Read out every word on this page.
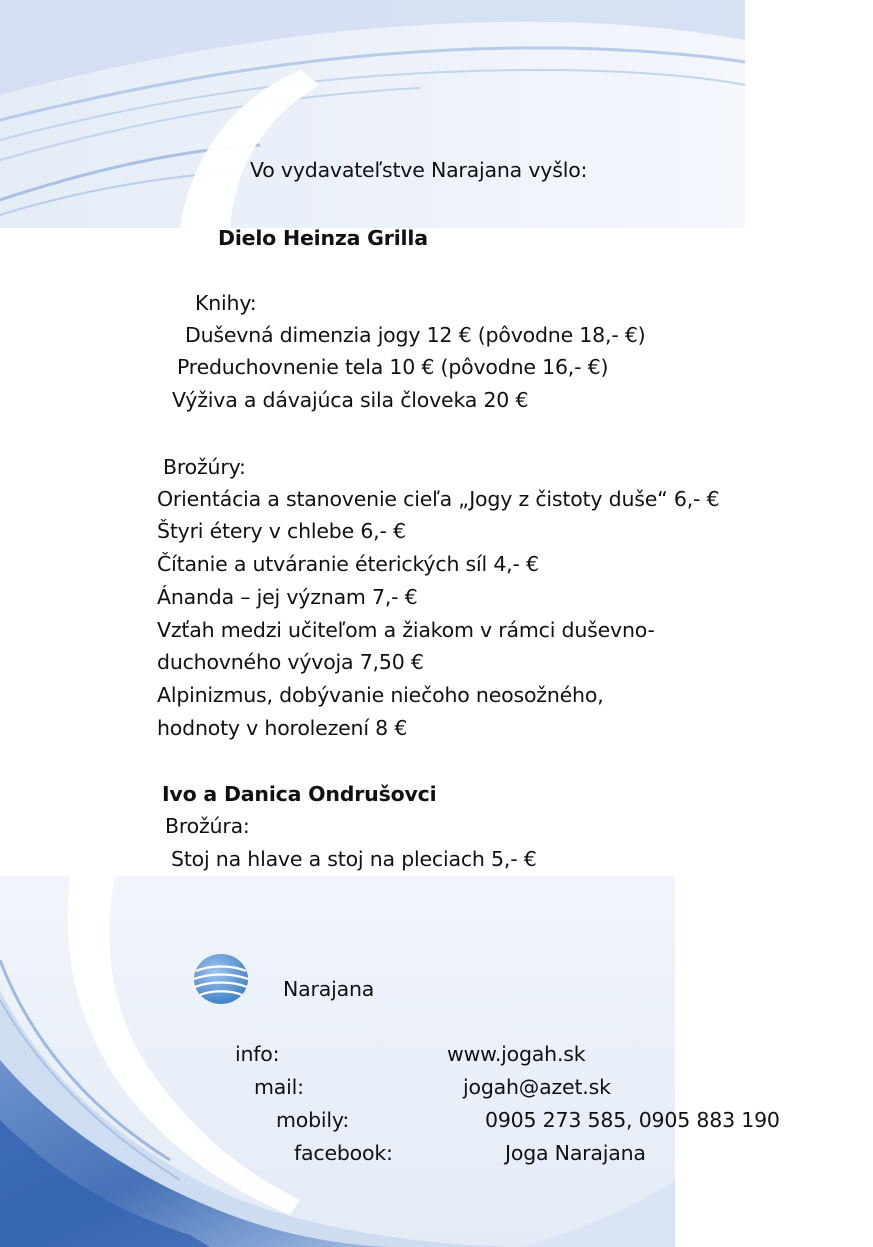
Vo vydavateľstve Narajana vyšlo:
Dielo Heinza Grilla
Knihy:
Duševná dimenzia jogy 12 € (pôvodne 18,- €)
Preduchovnenie tela 10 € (pôvodne 16,- €)
Výživa a dávajúca sila človeka 20 €
Brožúry:
Orientácia a stanovenie cieľa „Jogy z čistoty duše“ 6,- €
Štyri étery v chlebe 6,- €
Čítanie a utváranie éterických síl 4,- €
Ánanda – jej význam 7,- €
Vzťah medzi učiteľom a žiakom v rámci duševno-
duchovného vývoja 7,50 €
Alpinizmus, dobývanie niečoho neosožného,
hodnoty v horolezení 8 €
Ivo a Danica Ondrušovci
Brožúra:
Stoj na hlave a stoj na pleciach 5,- €
Narajana
info:	www.jogah.sk
mail:	jogah@azet.sk
mobily:	0905 273 585, 0905 883 190
facebook:	Joga Narajana
